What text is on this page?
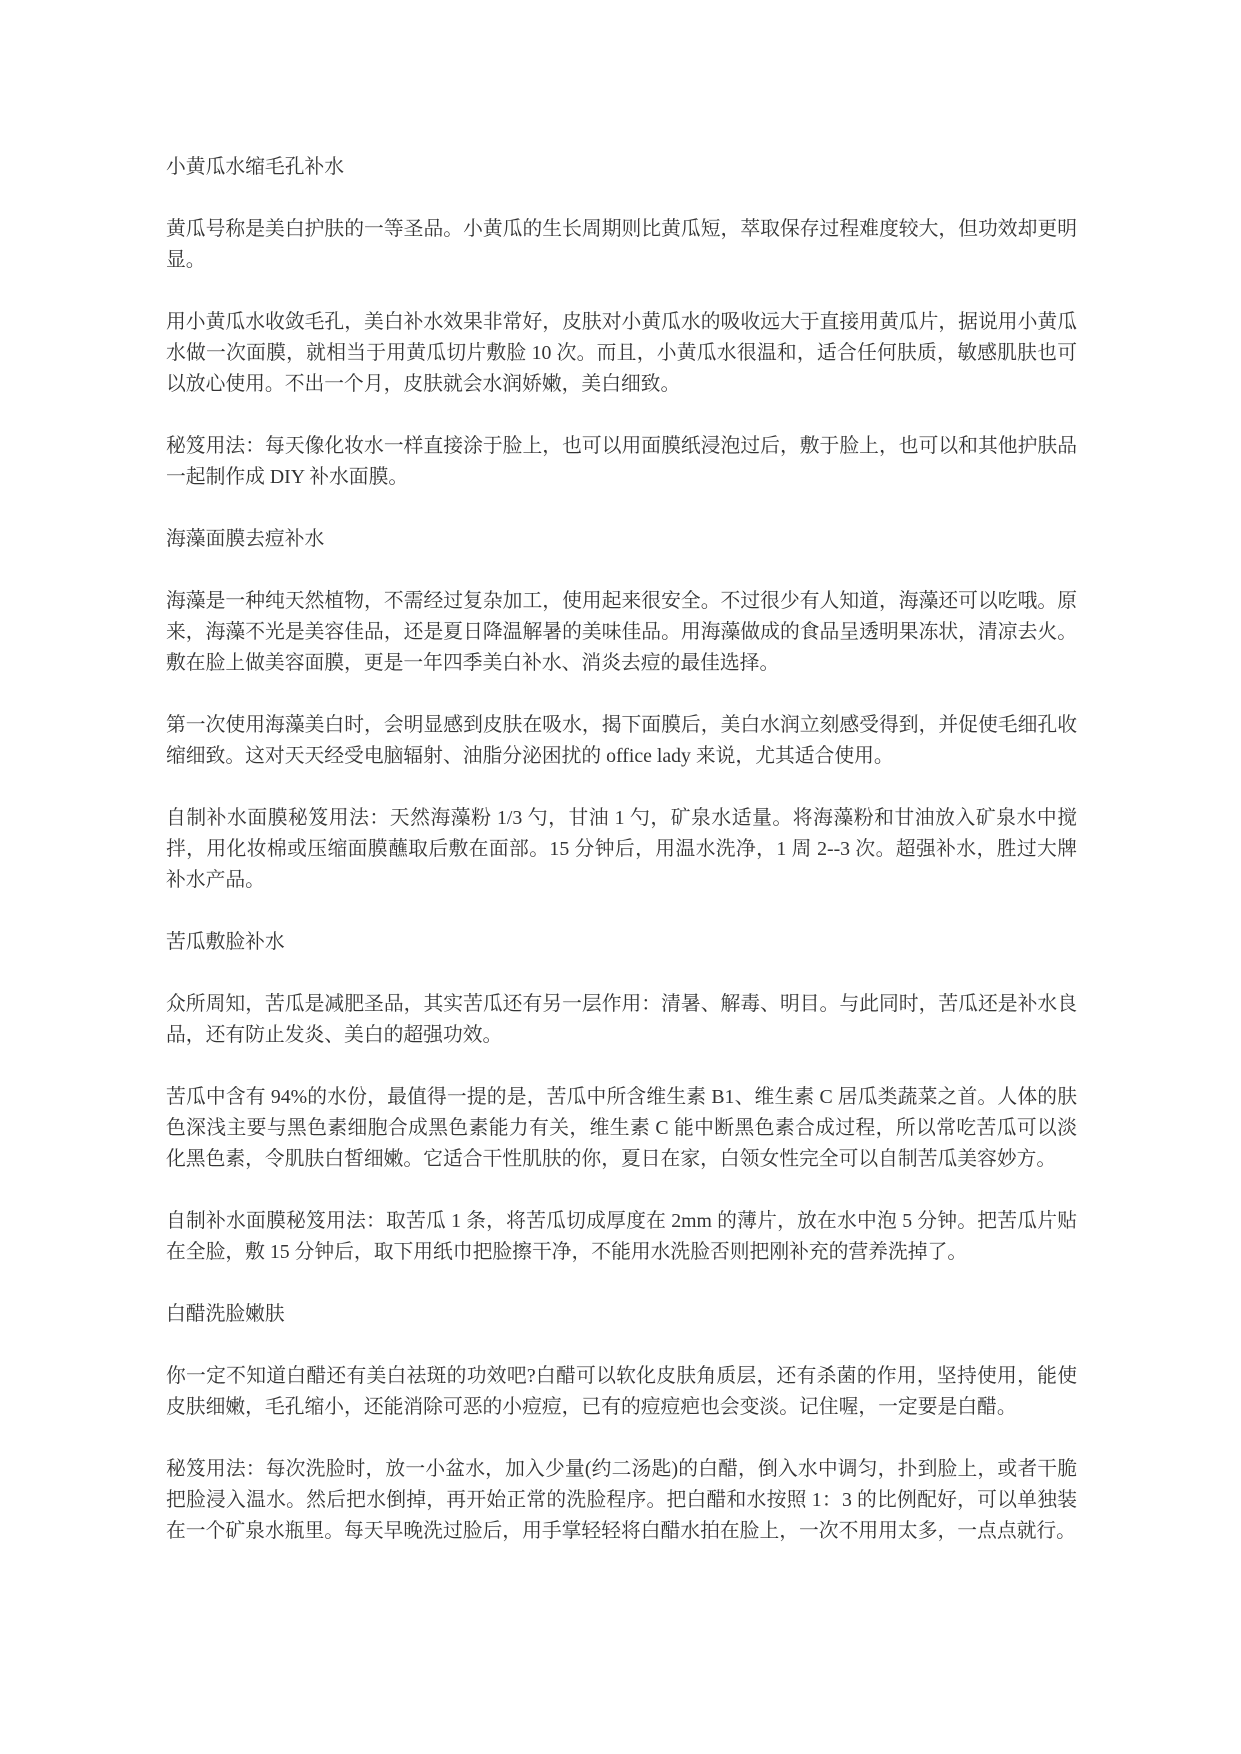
小黄瓜水缩毛孔补水

黄瓜号称是美白护肤的一等圣品。小黄瓜的生长周期则比黄瓜短，萃取保存过程难度较大，但功效却更明显。

用小黄瓜水收敛毛孔，美白补水效果非常好，皮肤对小黄瓜水的吸收远大于直接用黄瓜片，据说用小黄瓜水做一次面膜，就相当于用黄瓜切片敷脸 10 次。而且，小黄瓜水很温和，适合任何肤质，敏感肌肤也可以放心使用。不出一个月，皮肤就会水润娇嫩，美白细致。

秘笈用法：每天像化妆水一样直接涂于脸上，也可以用面膜纸浸泡过后，敷于脸上，也可以和其他护肤品一起制作成 DIY 补水面膜。

海藻面膜去痘补水

海藻是一种纯天然植物，不需经过复杂加工，使用起来很安全。不过很少有人知道，海藻还可以吃哦。原来，海藻不光是美容佳品，还是夏日降温解暑的美味佳品。用海藻做成的食品呈透明果冻状，清凉去火。敷在脸上做美容面膜，更是一年四季美白补水、消炎去痘的最佳选择。

第一次使用海藻美白时，会明显感到皮肤在吸水，揭下面膜后，美白水润立刻感受得到，并促使毛细孔收缩细致。这对天天经受电脑辐射、油脂分泌困扰的 office lady 来说，尤其适合使用。

自制补水面膜秘笈用法：天然海藻粉 1/3 勺，甘油 1 勺，矿泉水适量。将海藻粉和甘油放入矿泉水中搅拌，用化妆棉或压缩面膜蘸取后敷在面部。15 分钟后，用温水洗净，1 周 2--3 次。超强补水，胜过大牌补水产品。

苦瓜敷脸补水

众所周知，苦瓜是减肥圣品，其实苦瓜还有另一层作用：清暑、解毒、明目。与此同时，苦瓜还是补水良品，还有防止发炎、美白的超强功效。

苦瓜中含有 94%的水份，最值得一提的是，苦瓜中所含维生素 B1、维生素 C 居瓜类蔬菜之首。人体的肤色深浅主要与黑色素细胞合成黑色素能力有关，维生素 C 能中断黑色素合成过程，所以常吃苦瓜可以淡化黑色素，令肌肤白皙细嫩。它适合干性肌肤的你，夏日在家，白领女性完全可以自制苦瓜美容妙方。

自制补水面膜秘笈用法：取苦瓜 1 条，将苦瓜切成厚度在 2mm 的薄片，放在水中泡 5 分钟。把苦瓜片贴在全脸，敷 15 分钟后，取下用纸巾把脸擦干净，不能用水洗脸否则把刚补充的营养洗掉了。

白醋洗脸嫩肤

你一定不知道白醋还有美白祛斑的功效吧?白醋可以软化皮肤角质层，还有杀菌的作用，坚持使用，能使皮肤细嫩，毛孔缩小，还能消除可恶的小痘痘，已有的痘痘疤也会变淡。记住喔，一定要是白醋。

秘笈用法：每次洗脸时，放一小盆水，加入少量(约二汤匙)的白醋，倒入水中调匀，扑到脸上，或者干脆把脸浸入温水。然后把水倒掉，再开始正常的洗脸程序。把白醋和水按照 1：3 的比例配好，可以单独装在一个矿泉水瓶里。每天早晚洗过脸后，用手掌轻轻将白醋水拍在脸上，一次不用用太多，一点点就行。
